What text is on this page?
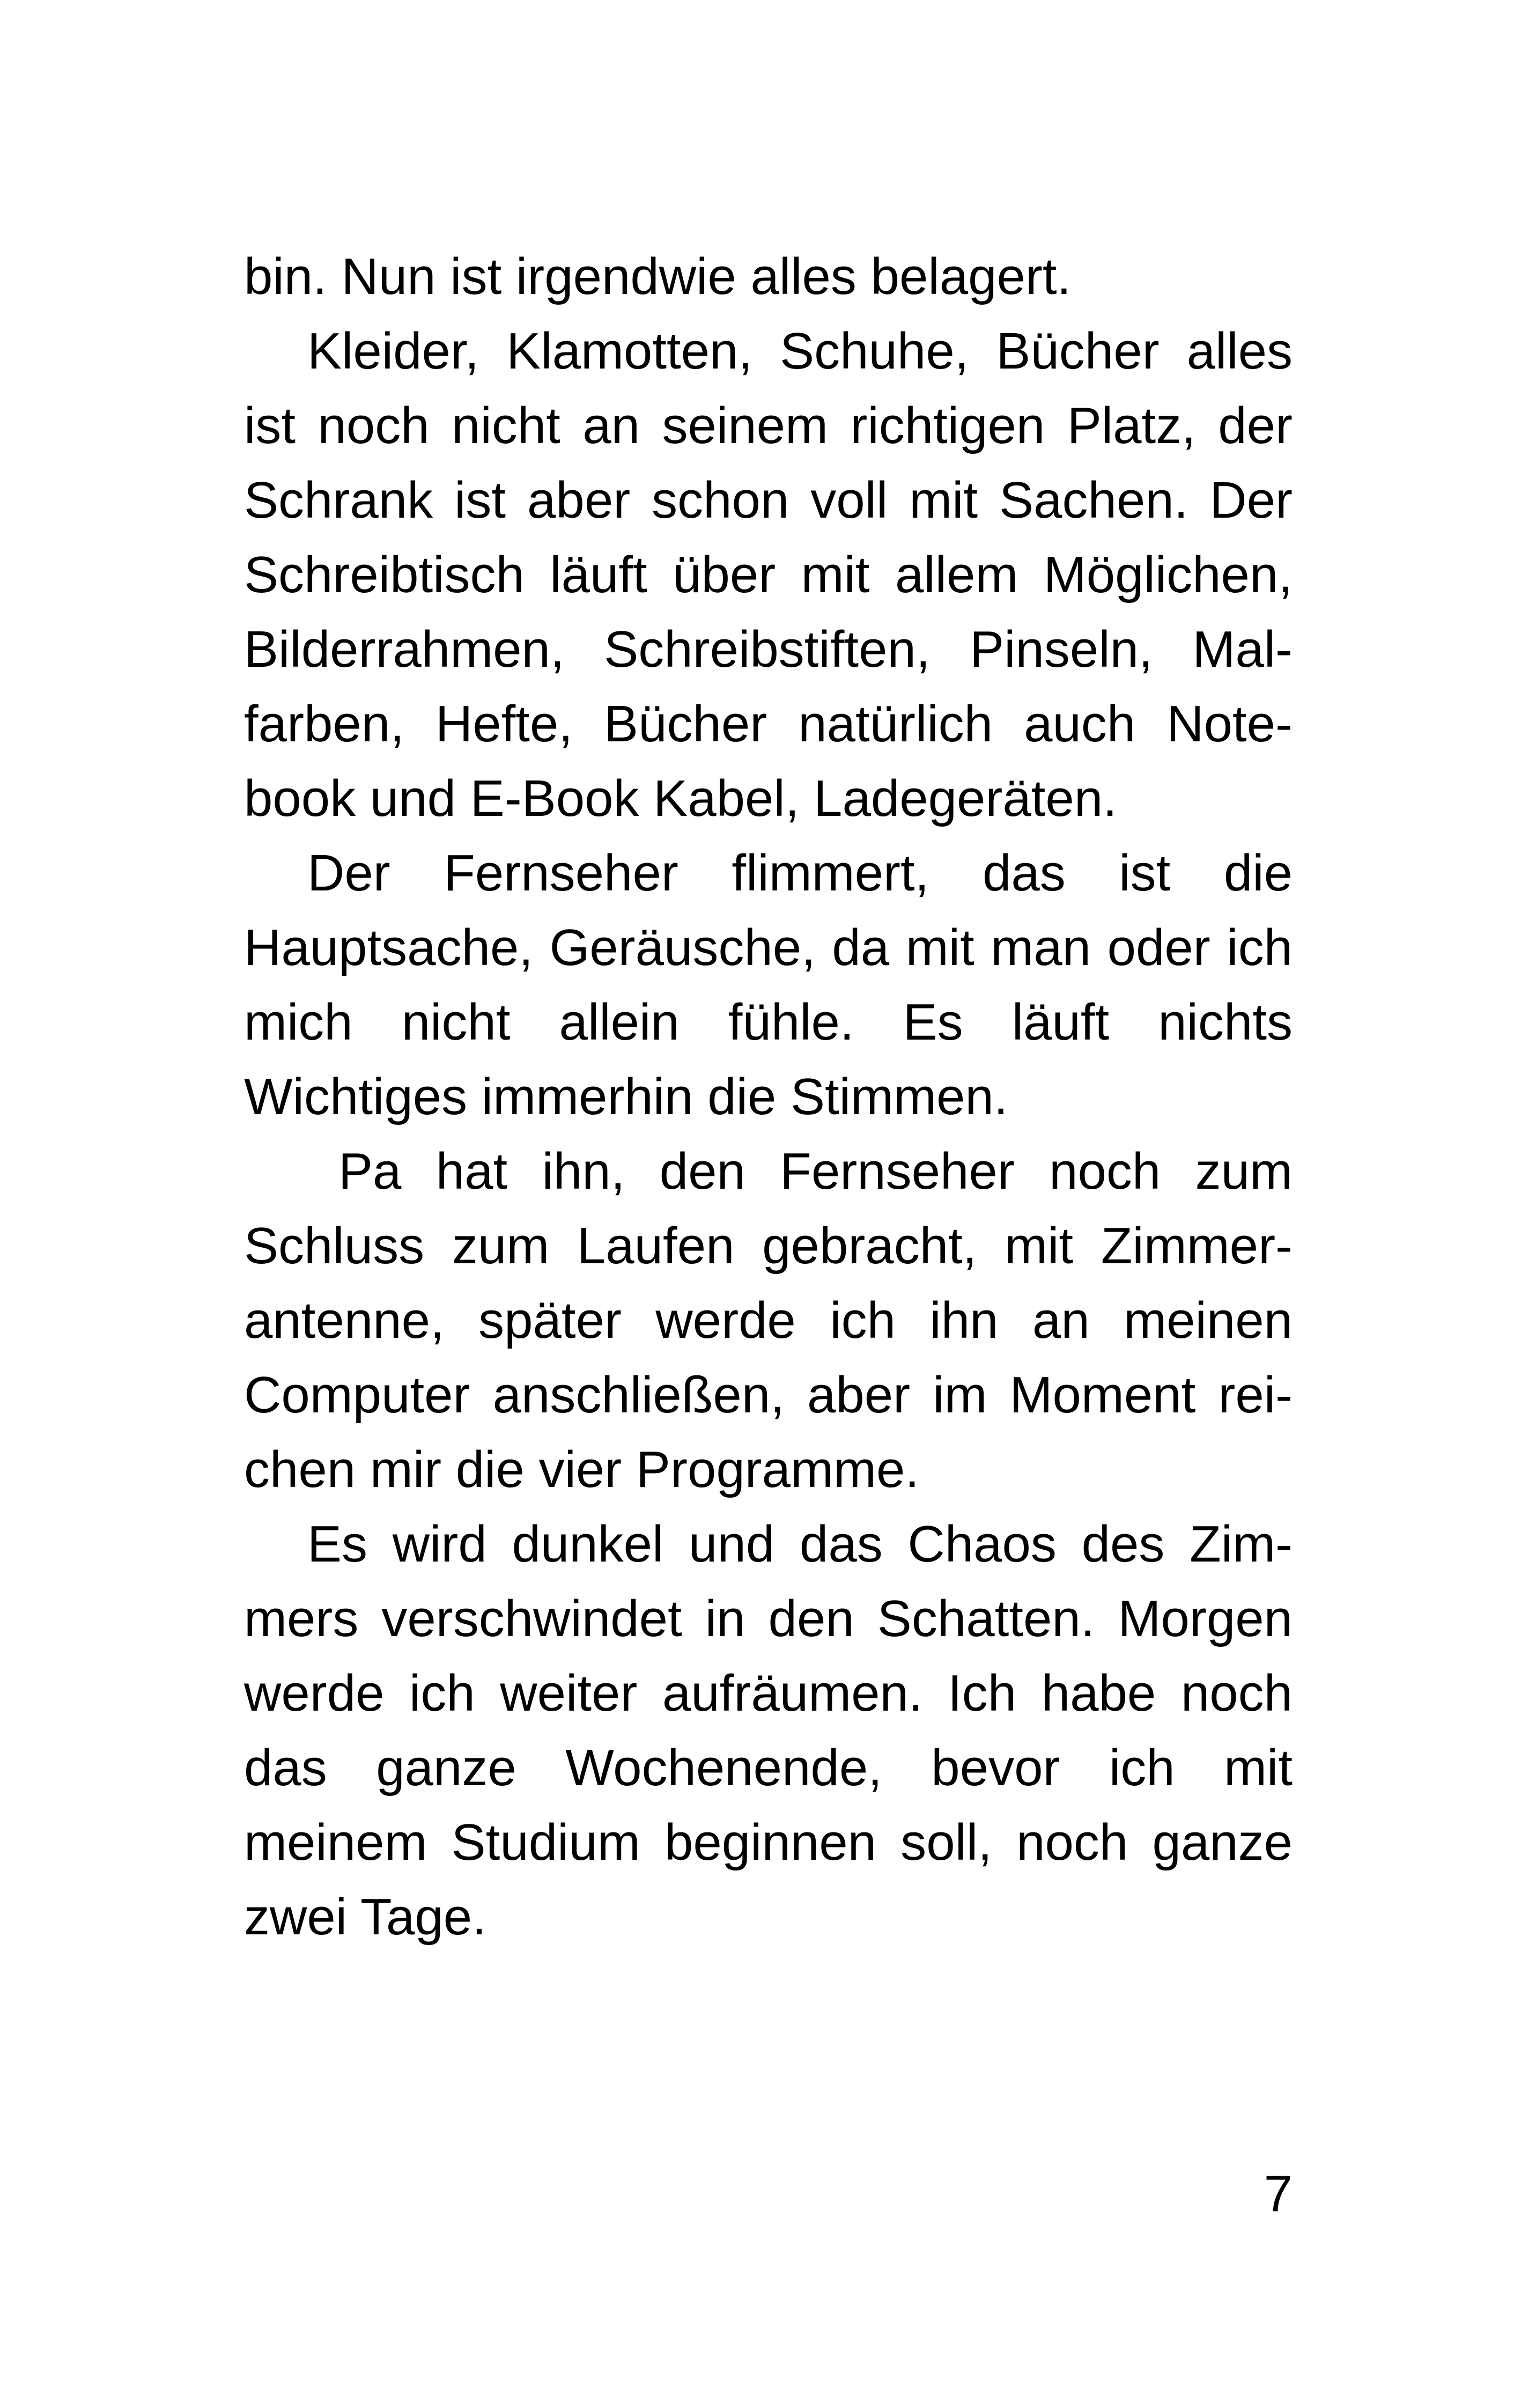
bin. Nun ist irgendwie alles belagert.

Kleider, Klamotten, Schuhe, Bücher alles ist noch nicht an seinem richtigen Platz, der Schrank ist aber schon voll mit Sachen. Der Schreibtisch läuft über mit allem Möglichen, Bilderrahmen, Schreibstiften, Pinseln, Malfarben, Hefte, Bücher natürlich auch Notebook und E-Book Kabel, Ladegeräten.

Der Fernseher flimmert, das ist die Hauptsache, Geräusche, da mit man oder ich mich nicht allein fühle. Es läuft nichts Wichtiges immerhin die Stimmen.

Pa hat ihn, den Fernseher noch zum Schluss zum Laufen gebracht, mit Zimmerantenne, später werde ich ihn an meinen Computer anschließen, aber im Moment reichen mir die vier Programme.

Es wird dunkel und das Chaos des Zimmers verschwindet in den Schatten. Morgen werde ich weiter aufräumen. Ich habe noch das ganze Wochenende, bevor ich mit meinem Studium beginnen soll, noch ganze zwei Tage.

7
